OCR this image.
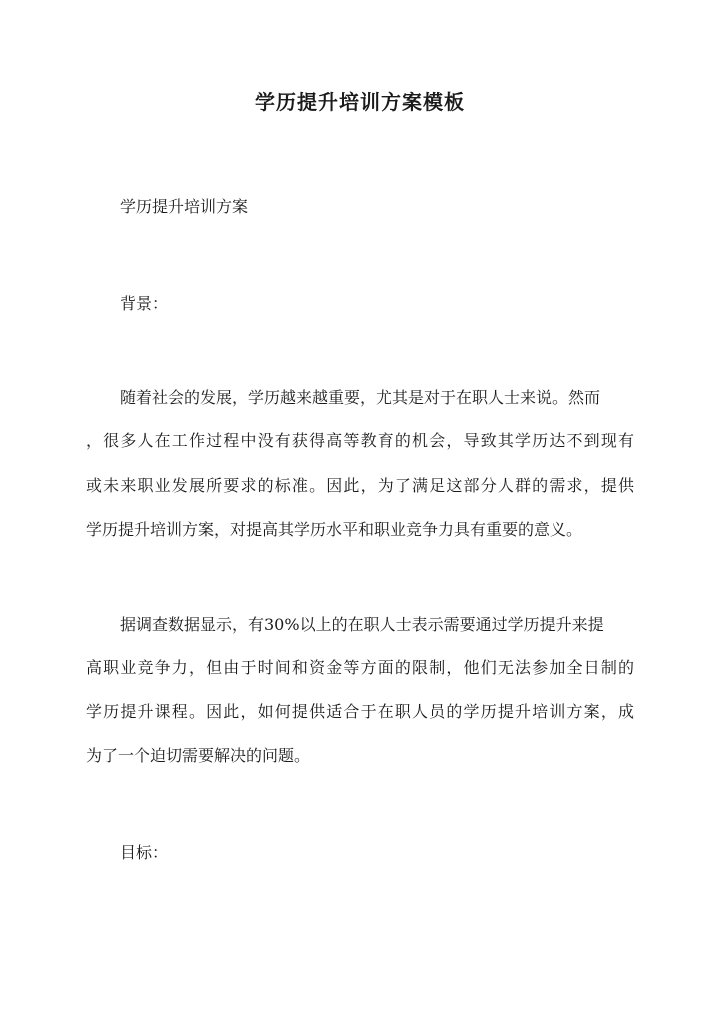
学历提升培训方案模板

学历提升培训方案

背景：

随着社会的发展，学历越来越重要，尤其是对于在职人士来说。然而

，很多人在工作过程中没有获得高等教育的机会，导致其学历达不到现有

或未来职业发展所要求的标准。因此，为了满足这部分人群的需求，提供

学历提升培训方案，对提高其学历水平和职业竞争力具有重要的意义。

据调查数据显示，有30%以上的在职人士表示需要通过学历提升来提

高职业竞争力，但由于时间和资金等方面的限制，他们无法参加全日制的

学历提升课程。因此，如何提供适合于在职人员的学历提升培训方案，成

为了一个迫切需要解决的问题。

目标：
